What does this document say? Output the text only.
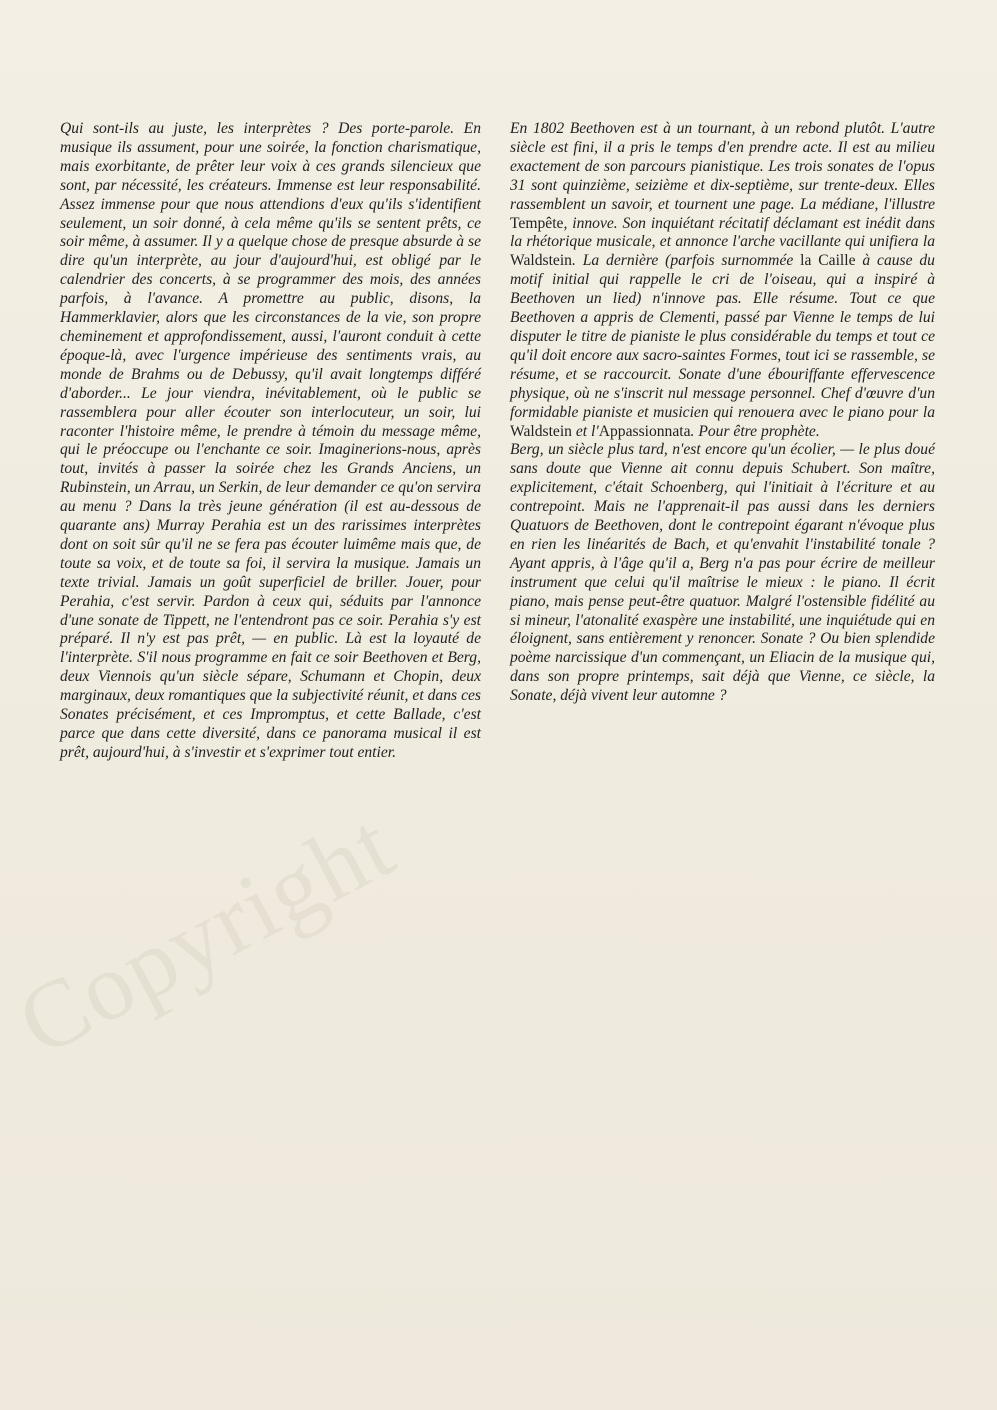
Copyright

Qui sont-ils au juste, les interprètes ? Des porte-parole. En musique ils assument, pour une soirée, la fonction charismatique, mais exorbitante, de prêter leur voix à ces grands silencieux que sont, par nécessité, les créateurs. Immense est leur responsabilité. Assez immense pour que nous attendions d'eux qu'ils s'identifient seulement, un soir donné, à cela même qu'ils se sentent prêts, ce soir même, à assumer. Il y a quelque chose de presque absurde à se dire qu'un interprète, au jour d'aujourd'hui, est obligé par le calendrier des concerts, à se programmer des mois, des années parfois, à l'avance. A promettre au public, disons, la Hammerklavier, alors que les circonstances de la vie, son propre cheminement et approfondissement, aussi, l'auront conduit à cette époque-là, avec l'urgence impérieuse des sentiments vrais, au monde de Brahms ou de Debussy, qu'il avait longtemps différé d'aborder... Le jour viendra, inévitablement, où le public se rassemblera pour aller écouter son interlocuteur, un soir, lui raconter l'histoire même, le prendre à témoin du message même, qui le préoccupe ou l'enchante ce soir. Imaginerions-nous, après tout, invités à passer la soirée chez les Grands Anciens, un Rubinstein, un Arrau, un Serkin, de leur demander ce qu'on servira au menu ? Dans la très jeune génération (il est au-dessous de quarante ans) Murray Perahia est un des rarissimes interprètes dont on soit sûr qu'il ne se fera pas écouter luimême mais que, de toute sa voix, et de toute sa foi, il servira la musique. Jamais un texte trivial. Jamais un goût superficiel de briller. Jouer, pour Perahia, c'est servir. Pardon à ceux qui, séduits par l'annonce d'une sonate de Tippett, ne l'entendront pas ce soir. Perahia s'y est préparé. Il n'y est pas prêt, — en public. Là est la loyauté de l'interprète. S'il nous programme en fait ce soir Beethoven et Berg, deux Viennois qu'un siècle sépare, Schumann et Chopin, deux marginaux, deux romantiques que la subjectivité réunit, et dans ces Sonates précisément, et ces Impromptus, et cette Ballade, c'est parce que dans cette diversité, dans ce panorama musical il est prêt, aujourd'hui, à s'investir et s'exprimer tout entier.

En 1802 Beethoven est à un tournant, à un rebond plutôt. L'autre siècle est fini, il a pris le temps d'en prendre acte. Il est au milieu exactement de son parcours pianistique. Les trois sonates de l'opus 31 sont quinzième, seizième et dix-septième, sur trente-deux. Elles rassemblent un savoir, et tournent une page. La médiane, l'illustre Tempête, innove. Son inquiétant récitatif déclamant est inédit dans la rhétorique musicale, et annonce l'arche vacillante qui unifiera la Waldstein. La dernière (parfois surnommée la Caille à cause du motif initial qui rappelle le cri de l'oiseau, qui a inspiré à Beethoven un lied) n'innove pas. Elle résume. Tout ce que Beethoven a appris de Clementi, passé par Vienne le temps de lui disputer le titre de pianiste le plus considérable du temps et tout ce qu'il doit encore aux sacro-saintes Formes, tout ici se rassemble, se résume, et se raccourcit. Sonate d'une ébouriffante effervescence physique, où ne s'inscrit nul message personnel. Chef d'œuvre d'un formidable pianiste et musicien qui renouera avec le piano pour la Waldstein et l'Appassionnata. Pour être prophète.

Berg, un siècle plus tard, n'est encore qu'un écolier, — le plus doué sans doute que Vienne ait connu depuis Schubert. Son maître, explicitement, c'était Schoenberg, qui l'initiait à l'écriture et au contrepoint. Mais ne l'apprenait-il pas aussi dans les derniers Quatuors de Beethoven, dont le contrepoint égarant n'évoque plus en rien les linéarités de Bach, et qu'envahit l'instabilité tonale ? Ayant appris, à l'âge qu'il a, Berg n'a pas pour écrire de meilleur instrument que celui qu'il maîtrise le mieux : le piano. Il écrit piano, mais pense peut-être quatuor. Malgré l'ostensible fidélité au si mineur, l'atonalité exaspère une instabilité, une inquiétude qui en éloignent, sans entièrement y renoncer. Sonate ? Ou bien splendide poème narcissique d'un commençant, un Eliacin de la musique qui, dans son propre printemps, sait déjà que Vienne, ce siècle, la Sonate, déjà vivent leur automne ?
